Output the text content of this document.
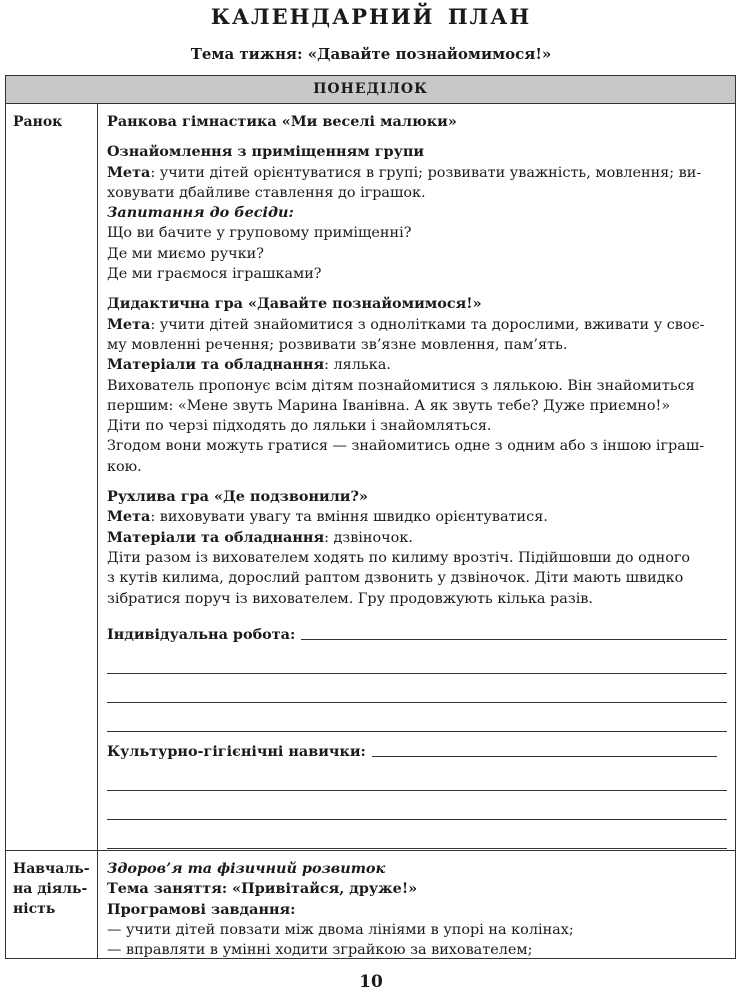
КАЛЕНДАРНИЙ ПЛАН
Тема тижня: «Давайте познайомимося!»
ПОНЕДІЛОК
Ранок	Ранкова гімнастика «Ми веселі малюки»
Ознайомлення з приміщенням групи
Мета: учити дітей орієнтуватися в групі; розвивати уважність, мовлення; ви-
ховувати дбайливе ставлення до іграшок.
Запитання до бесіди:
Що ви бачите у груповому приміщенні?
Де ми миємо ручки?
Де ми граємося іграшками?
Дидактична гра «Давайте познайомимося!»
Мета: учити дітей знайомитися з однолітками та дорослими, вживати у своє-
му мовленні речення; розвивати зв’язне мовлення, пам’ять.
Матеріали та обладнання: лялька.
Вихователь пропонує всім дітям познайомитися з лялькою. Він знайомиться
першим: «Мене звуть Марина Іванівна. А як звуть тебе? Дуже приємно!»
Діти по черзі підходять до ляльки і знайомляться.
Згодом вони можуть гратися — знайомитись одне з одним або з іншою іграш-
кою.
Рухлива гра «Де подзвонили?»
Мета: виховувати увагу та вміння швидко орієнтуватися.
Матеріали та обладнання: дзвіночок.
Діти разом із вихователем ходять по килиму врозтіч. Підійшовши до одного
з кутів килима, дорослий раптом дзвонить у дзвіночок. Діти мають швидко
зібратися поруч із вихователем. Гру продовжують кілька разів.
Індивідуальна робота:
Культурно-гігієнічні навички:
Навчаль-
на діяль-
ність
Здоров’я та фізичний розвиток
Тема заняття: «Привітайся, друже!»
Програмові завдання:
— учити дітей повзати між двома лініями в упорі на колінах;
— вправляти в умінні ходити зграйкою за вихователем;
10
